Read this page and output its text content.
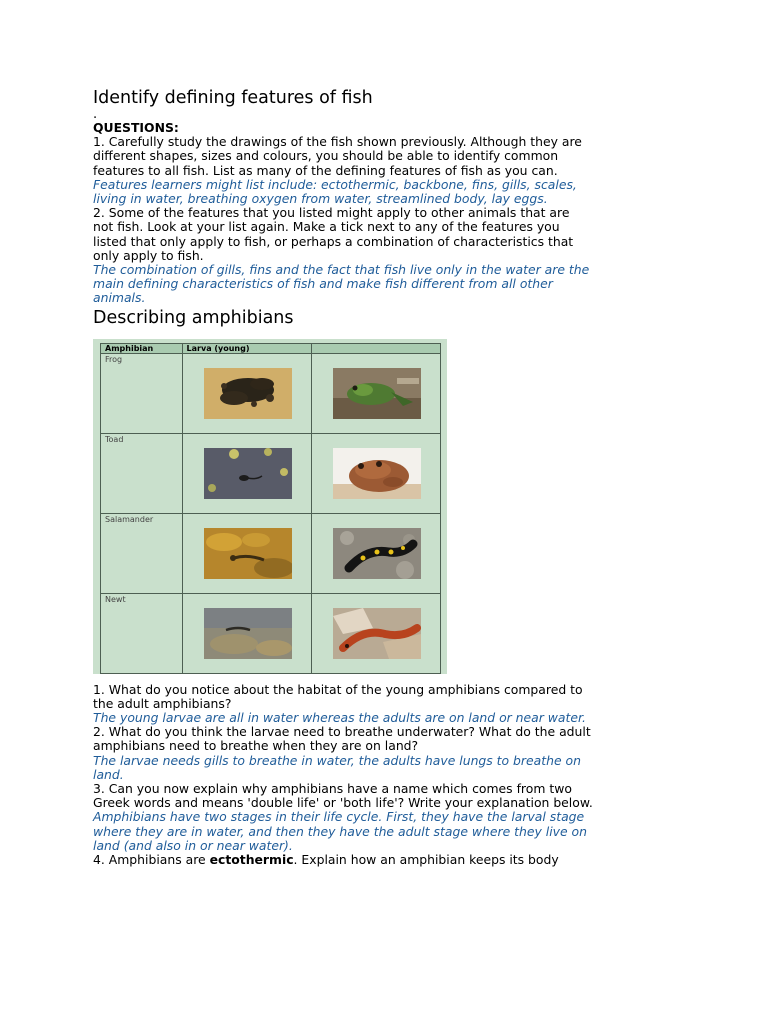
Identify defining features of fish
.

QUESTIONS:

1. Carefully study the drawings of the fish shown previously. Although they are different shapes, sizes and colours, you should be able to identify common features to all fish. List as many of the defining features of fish as you can.

Features learners might list include: ectothermic, backbone, fins, gills, scales, living in water, breathing oxygen from water, streamlined body, lay eggs.

2. Some of the features that you listed might apply to other animals that are not fish. Look at your list again. Make a tick next to any of the features you listed that only apply to fish, or perhaps a combination of characteristics that only apply to fish.

The combination of gills, fins and the fact that fish live only in the water are the main defining characteristics of fish and make fish different from all other animals.

Describing amphibians
Amphibian	Larva (young)	
Frog	

Toad	

Salamander	

Newt	

1. What do you notice about the habitat of the young amphibians compared to the adult amphibians?

The young larvae are all in water whereas the adults are on land or near water.

2. What do you think the larvae need to breathe underwater? What do the adult amphibians need to breathe when they are on land?

The larvae needs gills to breathe in water, the adults have lungs to breathe on land.

3. Can you now explain why amphibians have a name which comes from two Greek words and means 'double life' or 'both life'? Write your explanation below.

Amphibians have two stages in their life cycle. First, they have the larval stage where they are in water, and then they have the adult stage where they live on land (and also in or near water).

4. Amphibians are ectothermic. Explain how an amphibian keeps its body
